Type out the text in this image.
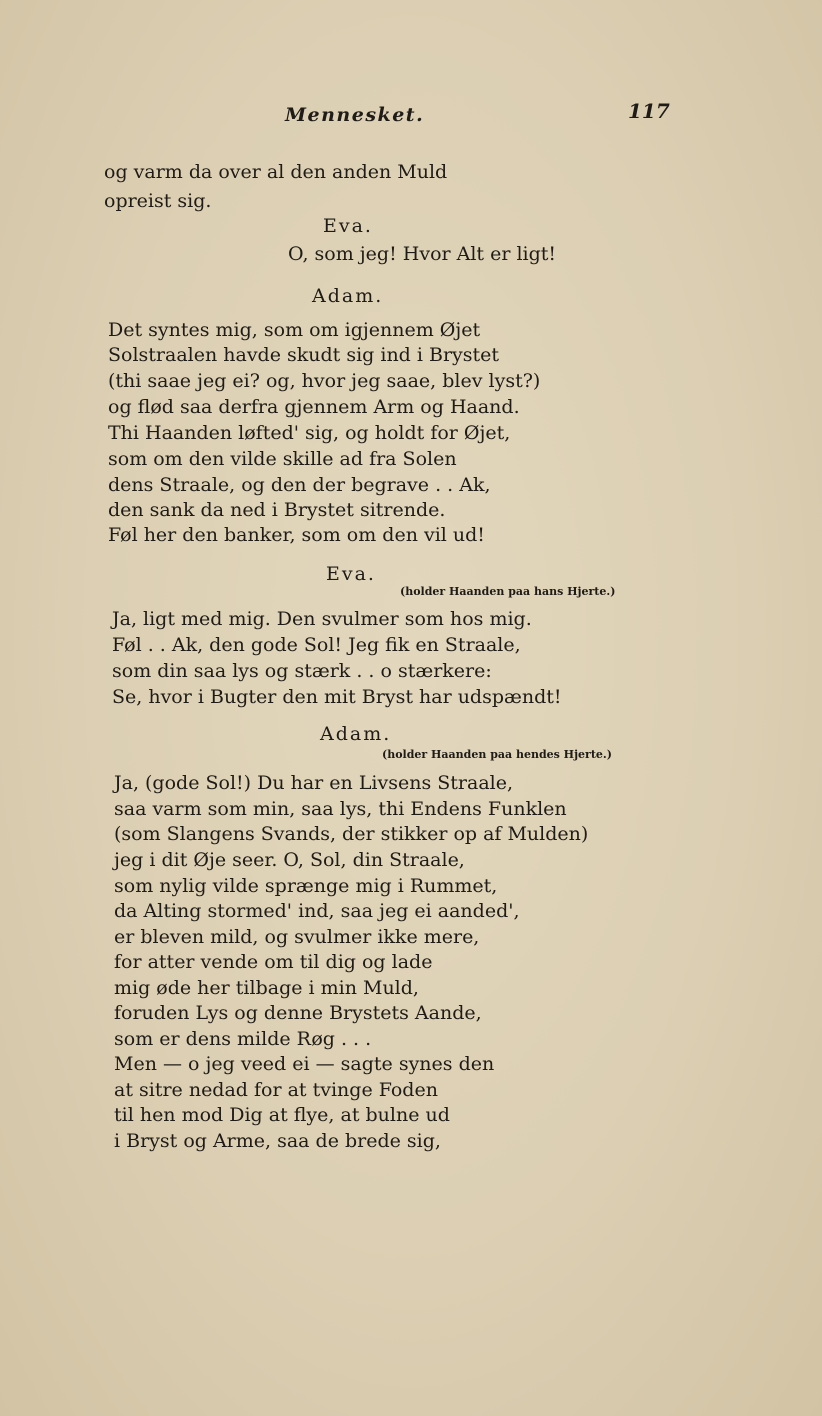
Mennesket.	117
og varm da over al den anden Muld
opreist sig.
Eva.
O, som jeg! Hvor Alt er ligt!
Adam.
Det syntes mig, som om igjennem Øjet
Solstraalen havde skudt sig ind i Brystet
(thi saae jeg ei? og, hvor jeg saae, blev lyst?)
og flød saa derfra gjennem Arm og Haand.
Thi Haanden løfted' sig, og holdt for Øjet,
som om den vilde skille ad fra Solen
dens Straale, og den der begrave . . Ak,
den sank da ned i Brystet sitrende.
Føl her den banker, som om den vil ud!
Eva.
(holder Haanden paa hans Hjerte.)
Ja, ligt med mig. Den svulmer som hos mig.
Føl . . Ak, den gode Sol! Jeg fik en Straale,
som din saa lys og stærk . . o stærkere:
Se, hvor i Bugter den mit Bryst har udspændt!
Adam.
(holder Haanden paa hendes Hjerte.)
Ja, (gode Sol!) Du har en Livsens Straale,
saa varm som min, saa lys, thi Endens Funklen
(som Slangens Svands, der stikker op af Mulden)
jeg i dit Øje seer. O, Sol, din Straale,
som nylig vilde sprænge mig i Rummet,
da Alting stormed' ind, saa jeg ei aanded',
er bleven mild, og svulmer ikke mere,
for atter vende om til dig og lade
mig øde her tilbage i min Muld,
foruden Lys og denne Brystets Aande,
som er dens milde Røg . . .
Men — o jeg veed ei — sagte synes den
at sitre nedad for at tvinge Foden
til hen mod Dig at flye, at bulne ud
i Bryst og Arme, saa de brede sig,
